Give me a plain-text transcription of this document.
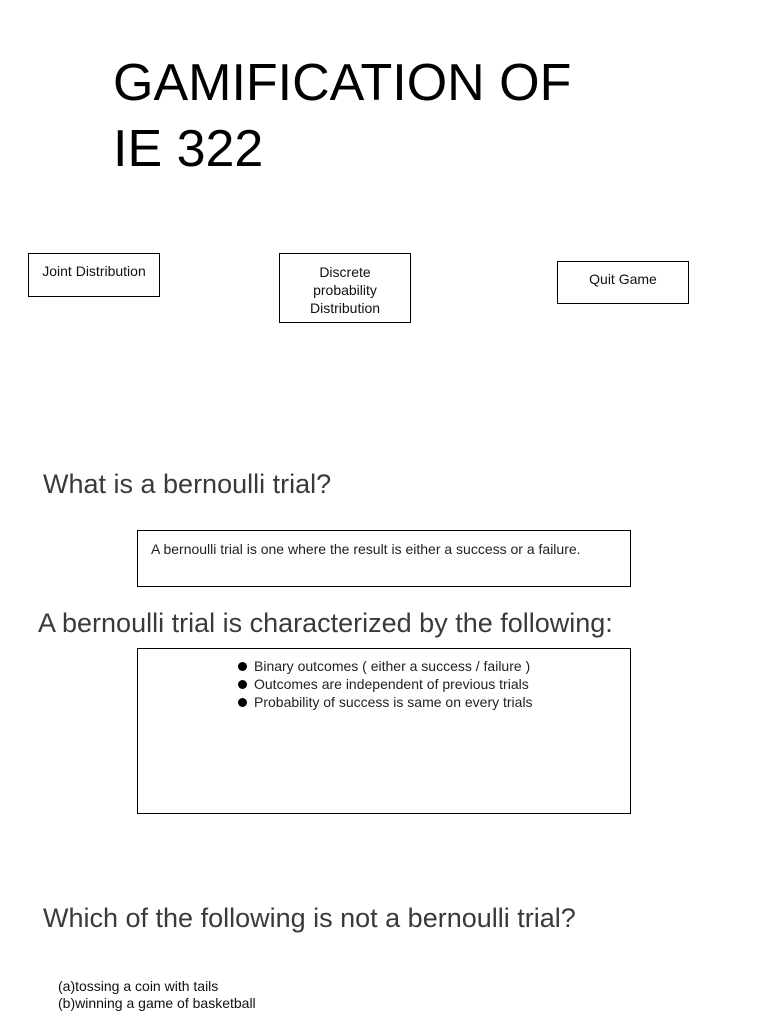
GAMIFICATION OF
IE 322
Joint Distribution	Discrete
probability
Distribution
Quit Game
What is a bernoulli trial?
A bernoulli trial is one where the result is either a success or a failure.
A bernoulli trial is characterized by the following:
Binary outcomes ( either a success / failure )
Outcomes are independent of previous trials
Probability of success is same on every trials
Which of the following is not a bernoulli trial?
(a)tossing a coin with tails
(b)winning a game of basketball
